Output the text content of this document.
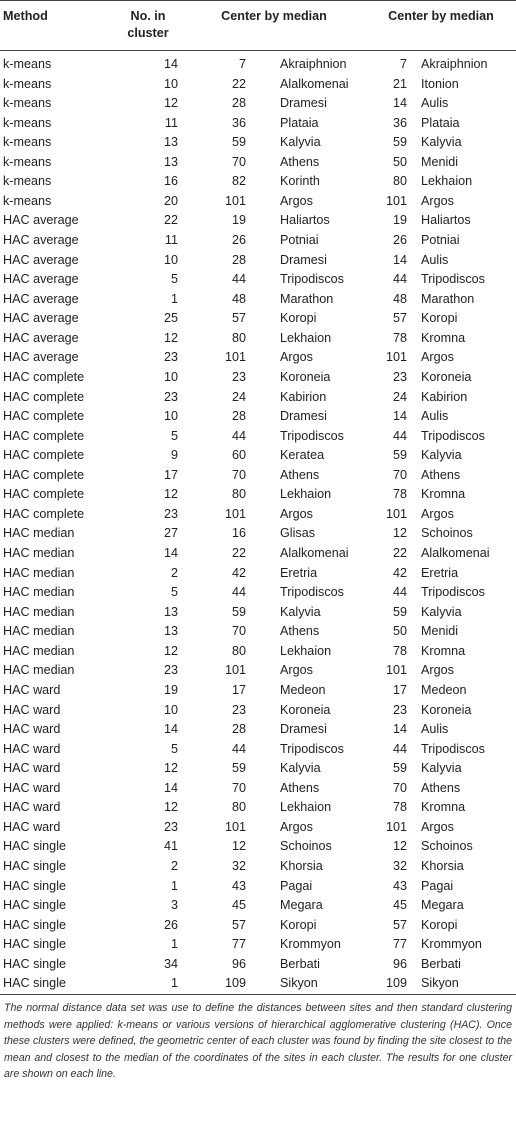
Method	No. in cluster	Center by median		Center by median	
k-means	14	7	Akraiphnion	7	Akraiphnion
k-means	10	22	Alalkomenai	21	Itonion
k-means	12	28	Dramesi	14	Aulis
k-means	11	36	Plataia	36	Plataia
k-means	13	59	Kalyvia	59	Kalyvia
k-means	13	70	Athens	50	Menidi
k-means	16	82	Korinth	80	Lekhaion
k-means	20	101	Argos	101	Argos
HAC average	22	19	Haliartos	19	Haliartos
HAC average	11	26	Potniai	26	Potniai
HAC average	10	28	Dramesi	14	Aulis
HAC average	5	44	Tripodiscos	44	Tripodiscos
HAC average	1	48	Marathon	48	Marathon
HAC average	25	57	Koropi	57	Koropi
HAC average	12	80	Lekhaion	78	Kromna
HAC average	23	101	Argos	101	Argos
HAC complete	10	23	Koroneia	23	Koroneia
HAC complete	23	24	Kabirion	24	Kabirion
HAC complete	10	28	Dramesi	14	Aulis
HAC complete	5	44	Tripodiscos	44	Tripodiscos
HAC complete	9	60	Keratea	59	Kalyvia
HAC complete	17	70	Athens	70	Athens
HAC complete	12	80	Lekhaion	78	Kromna
HAC complete	23	101	Argos	101	Argos
HAC median	27	16	Glisas	12	Schoinos
HAC median	14	22	Alalkomenai	22	Alalkomenai
HAC median	2	42	Eretria	42	Eretria
HAC median	5	44	Tripodiscos	44	Tripodiscos
HAC median	13	59	Kalyvia	59	Kalyvia
HAC median	13	70	Athens	50	Menidi
HAC median	12	80	Lekhaion	78	Kromna
HAC median	23	101	Argos	101	Argos
HAC ward	19	17	Medeon	17	Medeon
HAC ward	10	23	Koroneia	23	Koroneia
HAC ward	14	28	Dramesi	14	Aulis
HAC ward	5	44	Tripodiscos	44	Tripodiscos
HAC ward	12	59	Kalyvia	59	Kalyvia
HAC ward	14	70	Athens	70	Athens
HAC ward	12	80	Lekhaion	78	Kromna
HAC ward	23	101	Argos	101	Argos
HAC single	41	12	Schoinos	12	Schoinos
HAC single	2	32	Khorsia	32	Khorsia
HAC single	1	43	Pagai	43	Pagai
HAC single	3	45	Megara	45	Megara
HAC single	26	57	Koropi	57	Koropi
HAC single	1	77	Krommyon	77	Krommyon
HAC single	34	96	Berbati	96	Berbati
HAC single	1	109	Sikyon	109	Sikyon
The normal distance data set was use to define the distances between sites and then standard clustering methods were applied: k-means or various versions of hierarchical agglomerative clustering (HAC). Once these clusters were defined, the geometric center of each cluster was found by finding the site closest to the mean and closest to the median of the coordinates of the sites in each cluster. The results for one cluster are shown on each line.
